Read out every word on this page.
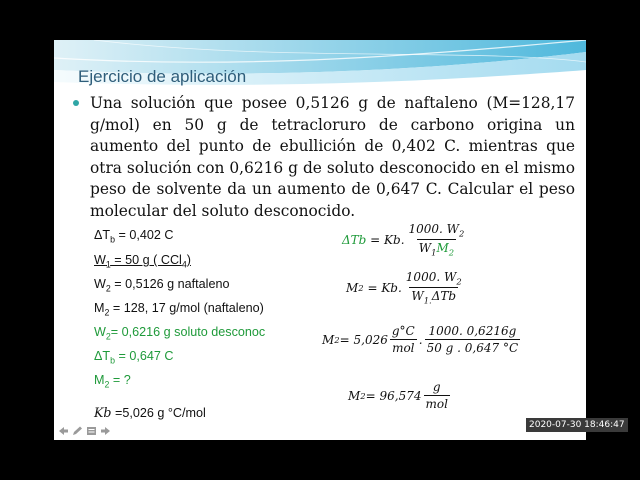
Ejercicio de aplicación
Una solución que posee 0,5126 g de naftaleno (M=128,17 g/mol) en 50 g de tetracloruro de carbono origina un aumento del punto de ebullición de 0,402 C. mientras que otra solución con 0,6216 g de soluto desconocido en el mismo peso de solvente da un aumento de 0,647 C. Calcular el peso molecular del soluto desconocido.
$\Delta T_b = 0,402$ C
$W_1 = 50$ g ( CCl$_4$)
$W_2 = 0,5126$ g naftaleno
$M_2 = 128$, 17 g/mol (naftaleno)
$W_2= 0,6216$ g soluto desconoc
$\Delta T_b = 0,647$ C
$M_2$ = ?
Kb =5,026 g °C/mol
ΔTb = Kb. $\frac{1000. W_2}{W_1M_2}$
M 2 = Kb. $\frac{1000. W_2}{W_{1.}\Delta Tb}$
M $2 = 5,026 \frac{g^\circ C}{\text{mol}}$ . $\frac{1000. 0,6216g}{50 g . 0,647 ^\circ C}$
M $2 = 96,574 \frac{g}{\text{mol}}$
2020-07-30 18:46:47
